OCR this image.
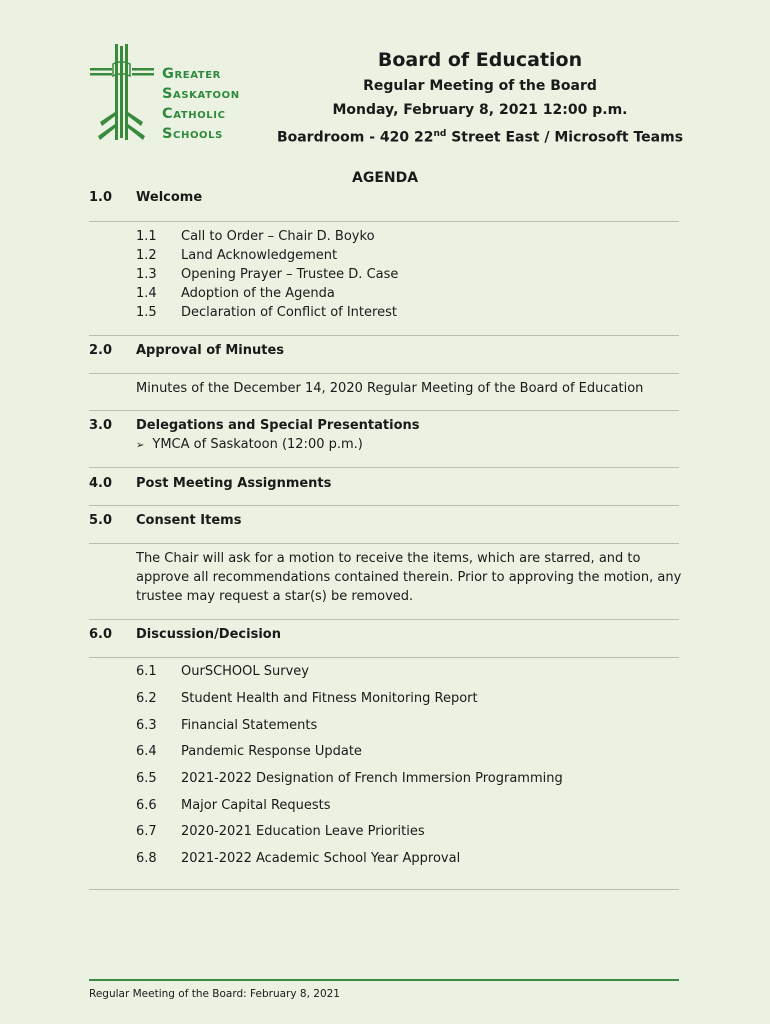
Greater
Saskatoon
Catholic
Schools
Board of Education
Regular Meeting of the Board
Monday, February 8, 2021 12:00 p.m.
Boardroom - 420 22nd Street East / Microsoft Teams
AGENDA
1.0 Welcome
1.1 Call to Order – Chair D. Boyko
1.2 Land Acknowledgement
1.3 Opening Prayer – Trustee D. Case
1.4 Adoption of the Agenda
1.5 Declaration of Conflict of Interest
2.0 Approval of Minutes
Minutes of the December 14, 2020 Regular Meeting of the Board of Education
3.0 Delegations and Special Presentations
➢ YMCA of Saskatoon (12:00 p.m.)
4.0 Post Meeting Assignments
5.0 Consent Items
The Chair will ask for a motion to receive the items, which are starred, and to approve all recommendations contained therein. Prior to approving the motion, any trustee may request a star(s) be removed.
6.0 Discussion/Decision
6.1 OurSCHOOL Survey
6.2 Student Health and Fitness Monitoring Report
6.3 Financial Statements
6.4 Pandemic Response Update
6.5 2021-2022 Designation of French Immersion Programming
6.6 Major Capital Requests
6.7 2020-2021 Education Leave Priorities
6.8 2021-2022 Academic School Year Approval
Regular Meeting of the Board: February 8, 2021
